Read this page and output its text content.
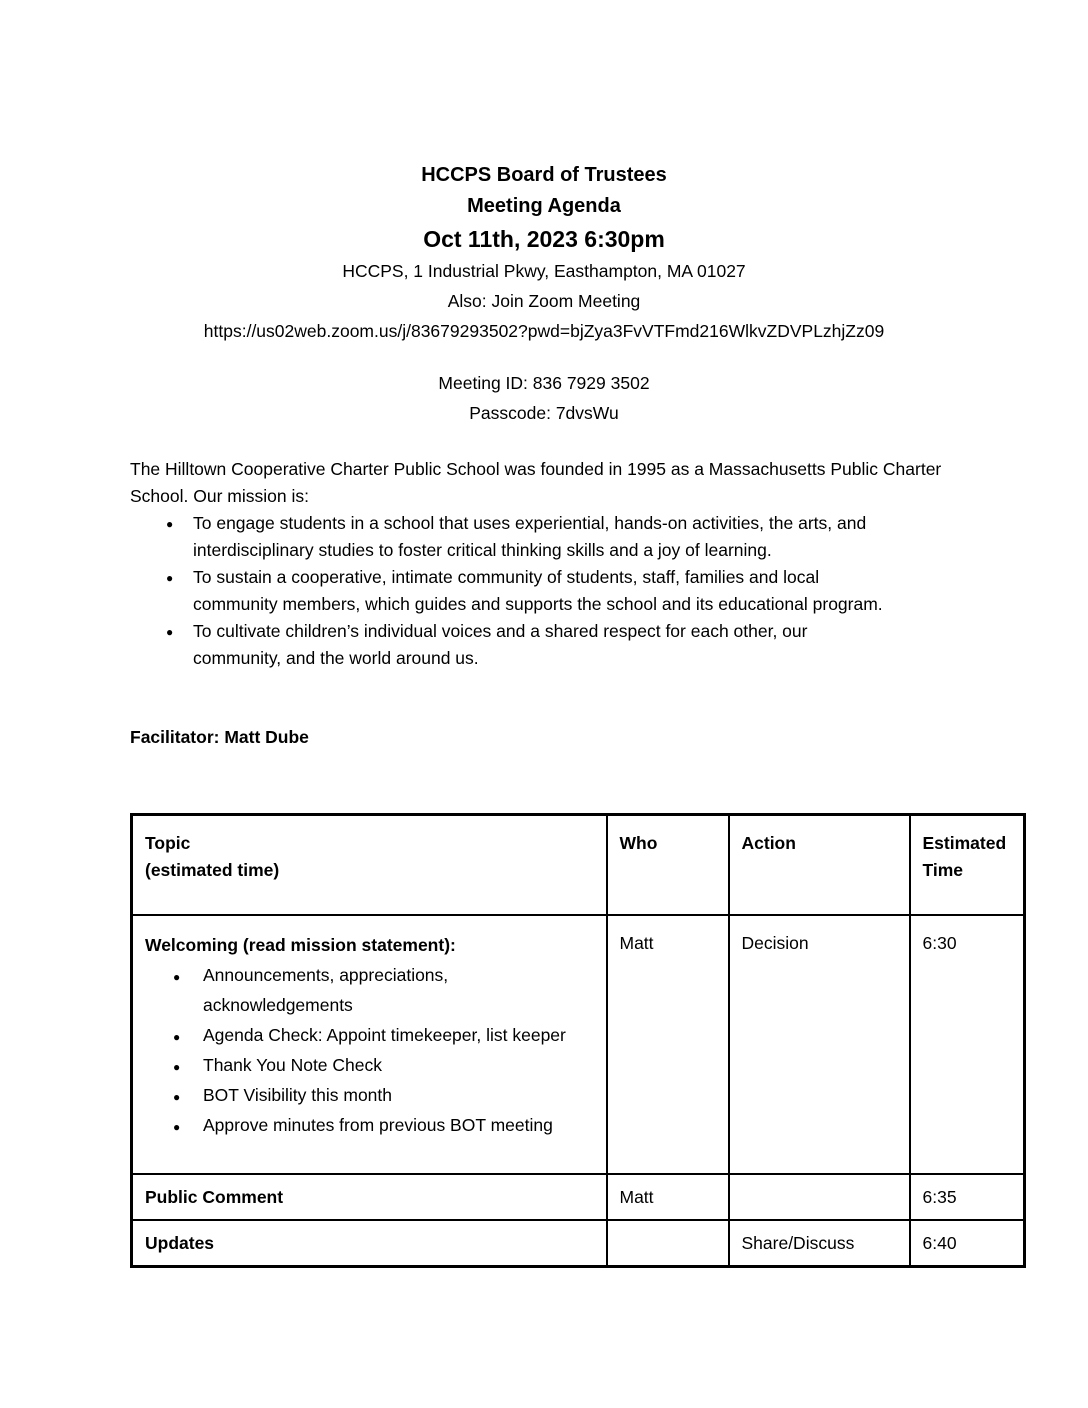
HCCPS Board of Trustees
Meeting Agenda
Oct 11th, 2023 6:30pm
HCCPS, 1 Industrial Pkwy, Easthampton, MA 01027
Also: Join Zoom Meeting
https://us02web.zoom.us/j/83679293502?pwd=bjZya3FvVTFmd216WlkvZDVPLzhjZz09
Meeting ID: 836 7929 3502
Passcode: 7dvsWu

The Hilltown Cooperative Charter Public School was founded in 1995 as a Massachusetts Public Charter School. Our mission is:

● To engage students in a school that uses experiential, hands-on activities, the arts, and interdisciplinary studies to foster critical thinking skills and a joy of learning.
● To sustain a cooperative, intimate community of students, staff, families and local community members, which guides and supports the school and its educational program.
● To cultivate children’s individual voices and a shared respect for each other, our community, and the world around us.

Facilitator: Matt Dube

Topic
(estimated time)	Who	Action	Estimated Time

Welcoming (read mission statement):
● Announcements, appreciations, acknowledgements
● Agenda Check: Appoint timekeeper, list keeper
● Thank You Note Check
● BOT Visibility this month
● Approve minutes from previous BOT meeting
	Matt	Decision	6:30
Public Comment	Matt		6:35
Updates		Share/Discuss	6:40
